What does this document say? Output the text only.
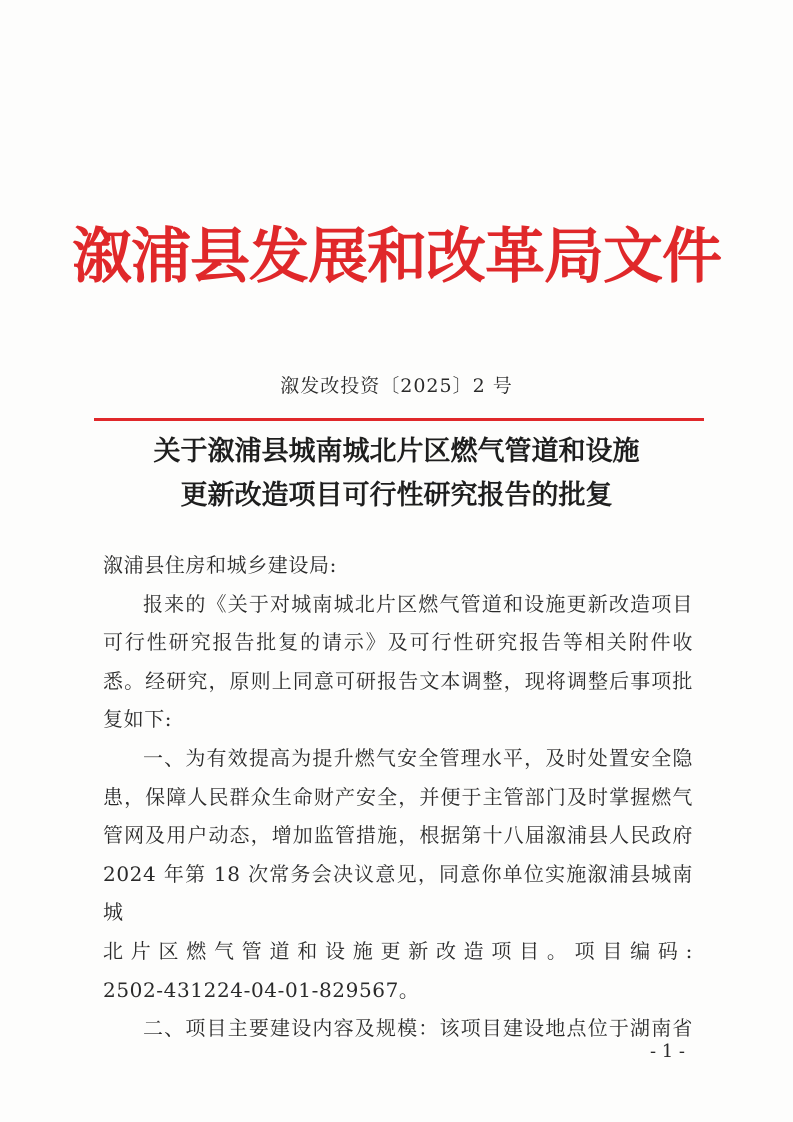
溆浦县发展和改革局文件
溆发改投资〔2025〕2 号
关于溆浦县城南城北片区燃气管道和设施
更新改造项目可行性研究报告的批复

溆浦县住房和城乡建设局:

报来的《关于对城南城北片区燃气管道和设施更新改造项目

可行性研究报告批复的请示》及可行性研究报告等相关附件收

悉。经研究，原则上同意可研报告文本调整，现将调整后事项批

复如下:

一、为有效提高为提升燃气安全管理水平，及时处置安全隐

患，保障人民群众生命财产安全，并便于主管部门及时掌握燃气

管网及用户动态，增加监管措施，根据第十八届溆浦县人民政府

2024 年第 18 次常务会决议意见，同意你单位实施溆浦县城南城

北片区燃气管道和设施更新改造项目。项目编码:

2502-431224-04-01-829567。

二、项目主要建设内容及规模：该项目建设地点位于湖南省

- 1 -
